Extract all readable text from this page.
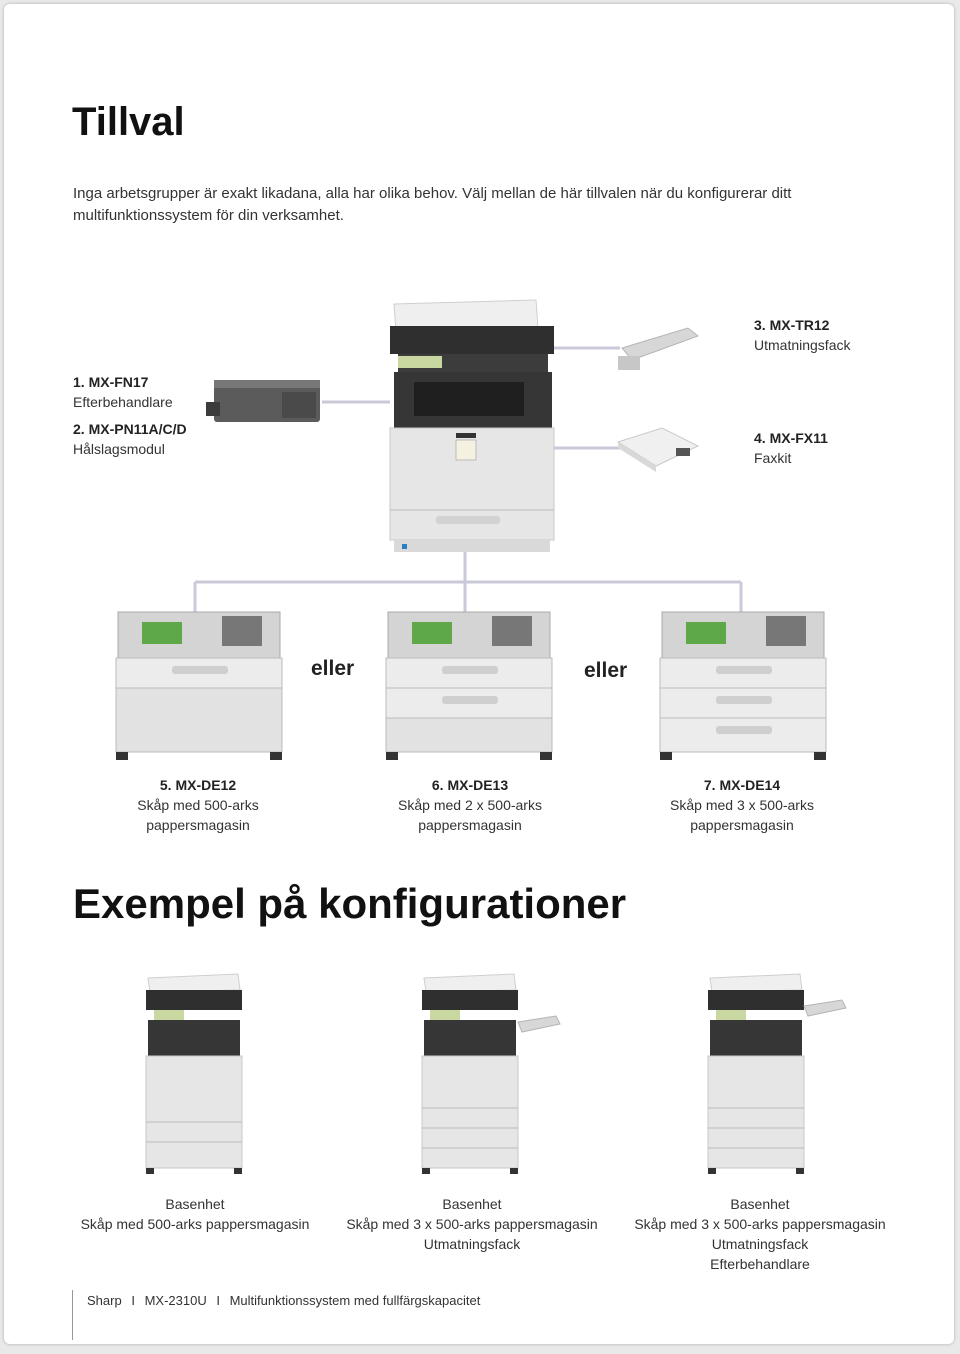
Tillval
Inga arbetsgrupper är exakt likadana, alla har olika behov. Välj mellan de här tillvalen när du konfigurerar ditt multifunktionssystem för din verksamhet.
1. MX-FN17
Efterbehandlare
2. MX-PN11A/C/D
Hålslagsmodul
3. MX-TR12
Utmatningsfack
4. MX-FX11
Faxkit
eller	eller
5. MX-DE12
Skåp med 500-arks
pappersmagasin
6. MX-DE13
Skåp med 2 x 500-arks
pappersmagasin
7. MX-DE14
Skåp med 3 x 500-arks
pappersmagasin
Exempel på konfigurationer
Basenhet
Skåp med 500-arks pappersmagasin
Basenhet
Skåp med 3 x 500-arks pappersmagasin
Utmatningsfack
Basenhet
Skåp med 3 x 500-arks pappersmagasin
Utmatningsfack
Efterbehandlare
Sharp I MX-2310U I Multifunktionssystem med fullfärgskapacitet
